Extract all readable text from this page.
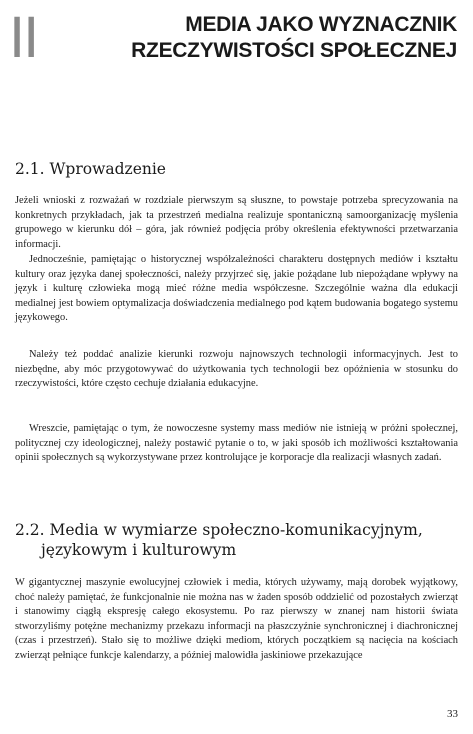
II	MEDIA JAKO WYZNACZNIK
RZECZYWISTOŚCI SPOŁECZNEJ
2.1. Wprowadzenie

Jeżeli wnioski z rozważań w rozdziale pierwszym są słuszne, to powstaje potrzeba sprecyzowania na konkretnych przykładach, jak ta przestrzeń medialna realizuje spontaniczną samoorganizację myślenia grupowego w kierunku dół – góra, jak również podjęcia próby określenia efektywności przetwarzania informacji.

Jednocześnie, pamiętając o historycznej współzależności charakteru dostępnych mediów i kształtu kultury oraz języka danej społeczności, należy przyjrzeć się, jakie pożądane lub niepożądane wpływy na język i kulturę człowieka mogą mieć różne media współczesne. Szczególnie ważna dla edukacji medialnej jest bowiem optymalizacja doświadczenia medialnego pod kątem budowania bogatego systemu językowego.

Należy też poddać analizie kierunki rozwoju najnowszych technologii informacyjnych. Jest to niezbędne, aby móc przygotowywać do użytkowania tych technologii bez opóźnienia w stosunku do rzeczywistości, które często cechuje działania edukacyjne.

Wreszcie, pamiętając o tym, że nowoczesne systemy mass mediów nie istnieją w próżni społecznej, politycznej czy ideologicznej, należy postawić pytanie o to, w jaki sposób ich możliwości kształtowania opinii społecznych są wykorzystywane przez kontrolujące je korporacje dla realizacji własnych zadań.

2.2. Media w wymiarze społeczno-komunikacyjnym,
językowym i kulturowym

W gigantycznej maszynie ewolucyjnej człowiek i media, których używamy, mają dorobek wyjątkowy, choć należy pamiętać, że funkcjonalnie nie można nas w żaden sposób oddzielić od pozostałych zwierząt i stanowimy ciągłą ekspresję całego ekosystemu. Po raz pierwszy w znanej nam historii świata stworzyliśmy potężne mechanizmy przekazu informacji na płaszczyźnie synchronicznej i diachronicznej (czas i przestrzeń). Stało się to możliwe dzięki mediom, których początkiem są nacięcia na kościach zwierząt pełniące funkcje kalendarzy, a później malowidła jaskiniowe przekazujące

33
